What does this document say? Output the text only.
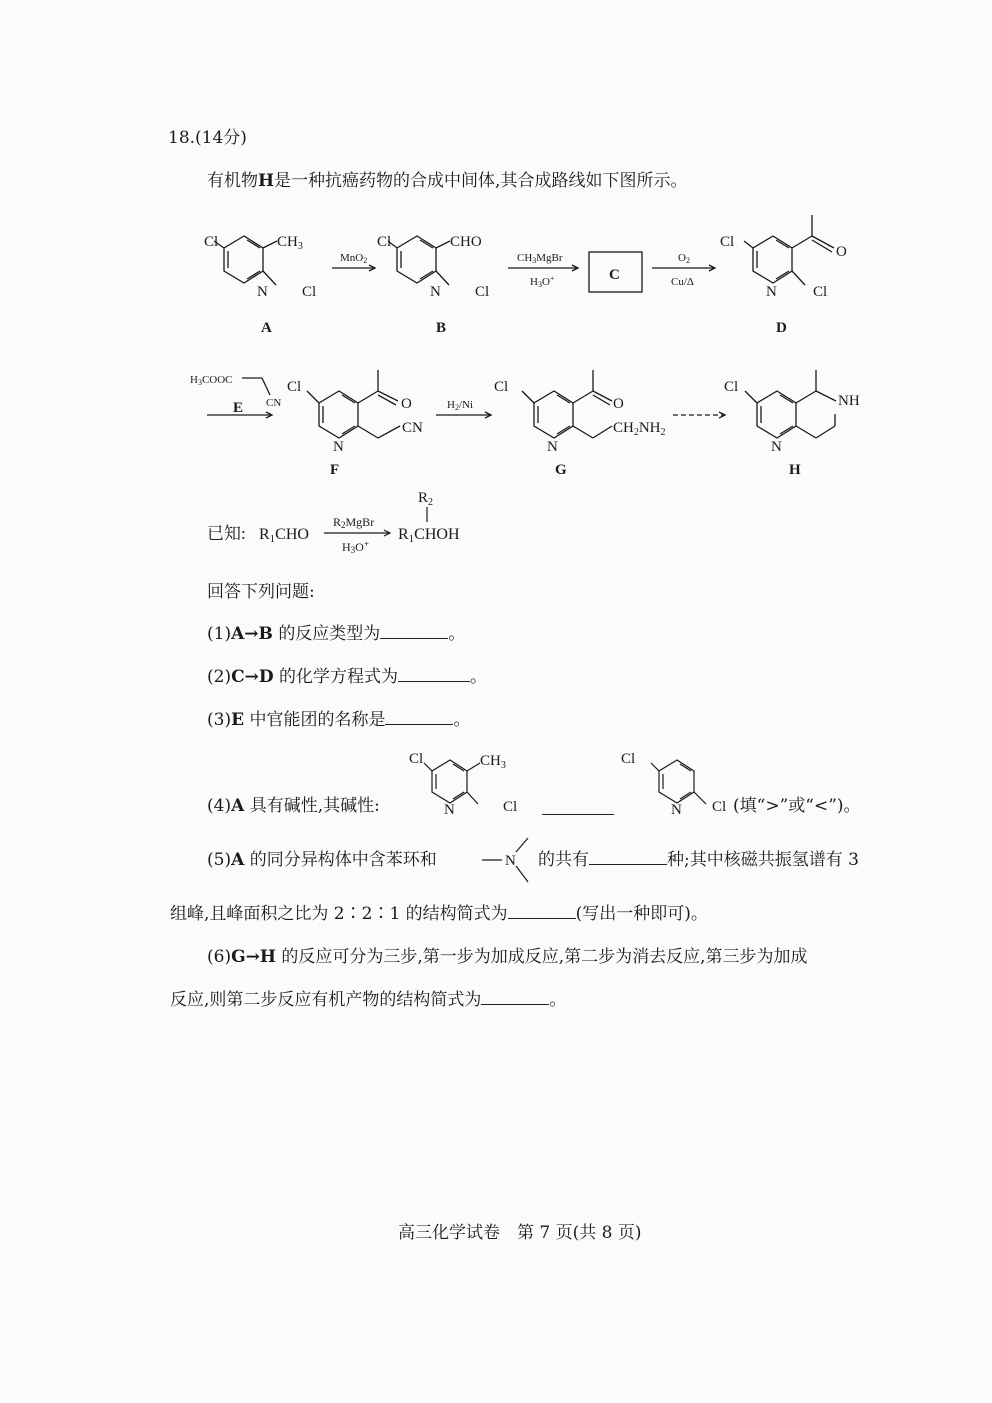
18.(14分)
有机物H是一种抗癌药物的合成中间体,其合成路线如下图所示。
Cl	$CH_3$
N Cl
A
MnO2
Cl	CHO
N Cl
B
CH3MgBr
H3O+	C
O2
Cu/Δ
Cl
O
N Cl
D
H3COOC
CN
E
Cl
O
N
CN
F
H2/Ni
Cl
O
N
$CH_2NH_2$
G
Cl
NH
N
H
已知: R1CHO
R2MgBr
H3O+
$R_2$
R1CHOH
回答下列问题:
(1)A→B 的反应类型为	。
(2)C→D 的化学方程式为	。
(3)E 中官能团的名称是	。
Cl	$CH_3$
N	Cl
Cl
N Cl
(4)A 具有碱性,其碱性:	(填“>”或“<”)。
(5)A 的同分异构体中含苯环和	N 的共有	种;其中核磁共振氢谱有 3
组峰,且峰面积之比为 2∶2∶1 的结构简式为	(写出一种即可)。
(6)G→H 的反应可分为三步,第一步为加成反应,第二步为消去反应,第三步为加成
反应,则第二步反应有机产物的结构简式为	。
高三化学试卷　第 7 页(共 8 页)
